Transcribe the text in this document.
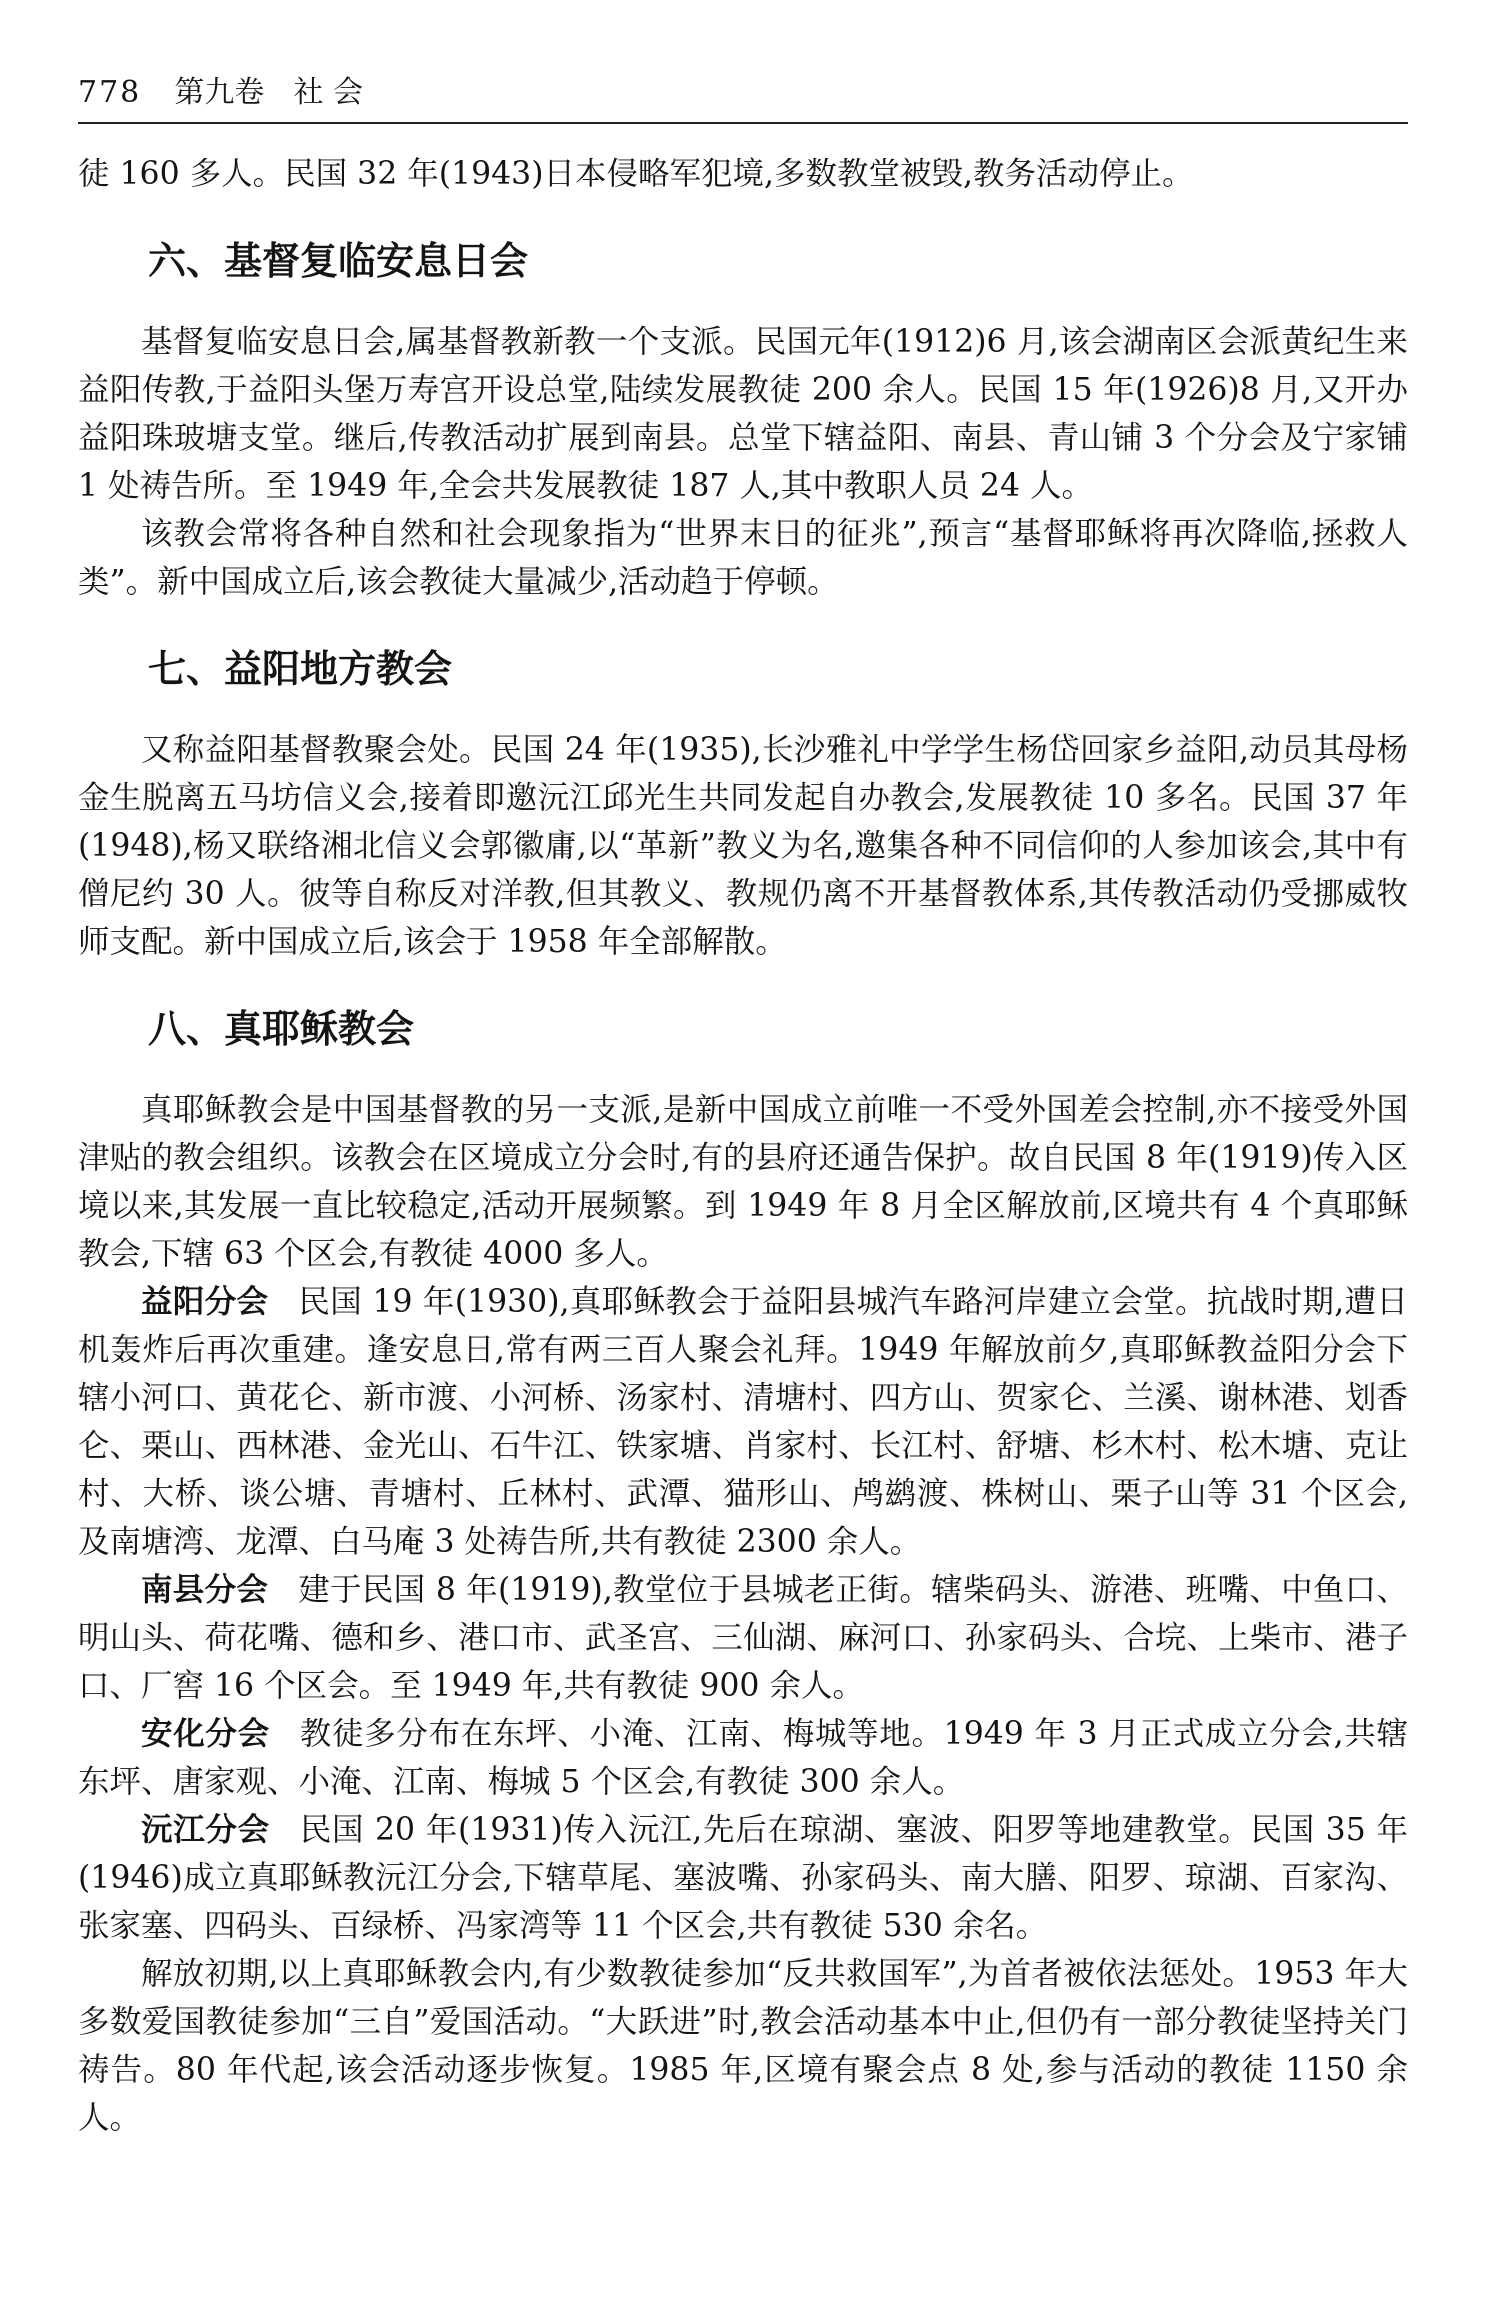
778 第九卷 社 会

徒 160 多人。民国 32 年(1943)日本侵略军犯境,多数教堂被毁,教务活动停止。

六、基督复临安息日会

基督复临安息日会,属基督教新教一个支派。民国元年(1912)6 月,该会湖南区会派黄纪生来益阳传教,于益阳头堡万寿宫开设总堂,陆续发展教徒 200 余人。民国 15 年(1926)8 月,又开办益阳珠玻塘支堂。继后,传教活动扩展到南县。总堂下辖益阳、南县、青山铺 3 个分会及宁家铺 1 处祷告所。至 1949 年,全会共发展教徒 187 人,其中教职人员 24 人。

该教会常将各种自然和社会现象指为“世界末日的征兆”,预言“基督耶稣将再次降临,拯救人类”。新中国成立后,该会教徒大量减少,活动趋于停顿。

七、益阳地方教会

又称益阳基督教聚会处。民国 24 年(1935),长沙雅礼中学学生杨岱回家乡益阳,动员其母杨金生脱离五马坊信义会,接着即邀沅江邱光生共同发起自办教会,发展教徒 10 多名。民国 37 年(1948),杨又联络湘北信义会郭徽庸,以“革新”教义为名,邀集各种不同信仰的人参加该会,其中有僧尼约 30 人。彼等自称反对洋教,但其教义、教规仍离不开基督教体系,其传教活动仍受挪威牧师支配。新中国成立后,该会于 1958 年全部解散。

八、真耶稣教会

真耶稣教会是中国基督教的另一支派,是新中国成立前唯一不受外国差会控制,亦不接受外国津贴的教会组织。该教会在区境成立分会时,有的县府还通告保护。故自民国 8 年(1919)传入区境以来,其发展一直比较稳定,活动开展频繁。到 1949 年 8 月全区解放前,区境共有 4 个真耶稣教会,下辖 63 个区会,有教徒 4000 多人。

益阳分会 民国 19 年(1930),真耶稣教会于益阳县城汽车路河岸建立会堂。抗战时期,遭日机轰炸后再次重建。逢安息日,常有两三百人聚会礼拜。1949 年解放前夕,真耶稣教益阳分会下辖小河口、黄花仑、新市渡、小河桥、汤家村、清塘村、四方山、贺家仑、兰溪、谢林港、划香仑、栗山、西林港、金光山、石牛江、铁家塘、肖家村、长江村、舒塘、杉木村、松木塘、克让村、大桥、谈公塘、青塘村、丘林村、武潭、猫形山、鸬鹚渡、株树山、栗子山等 31 个区会,及南塘湾、龙潭、白马庵 3 处祷告所,共有教徒 2300 余人。

南县分会 建于民国 8 年(1919),教堂位于县城老正街。辖柴码头、游港、班嘴、中鱼口、明山头、荷花嘴、德和乡、港口市、武圣宫、三仙湖、麻河口、孙家码头、合垸、上柴市、港子口、厂窖 16 个区会。至 1949 年,共有教徒 900 余人。

安化分会 教徒多分布在东坪、小淹、江南、梅城等地。1949 年 3 月正式成立分会,共辖东坪、唐家观、小淹、江南、梅城 5 个区会,有教徒 300 余人。

沅江分会 民国 20 年(1931)传入沅江,先后在琼湖、塞波、阳罗等地建教堂。民国 35 年(1946)成立真耶稣教沅江分会,下辖草尾、塞波嘴、孙家码头、南大膳、阳罗、琼湖、百家沟、张家塞、四码头、百绿桥、冯家湾等 11 个区会,共有教徒 530 余名。

解放初期,以上真耶稣教会内,有少数教徒参加“反共救国军”,为首者被依法惩处。1953 年大多数爱国教徒参加“三自”爱国活动。“大跃进”时,教会活动基本中止,但仍有一部分教徒坚持关门祷告。80 年代起,该会活动逐步恢复。1985 年,区境有聚会点 8 处,参与活动的教徒 1150 余人。
